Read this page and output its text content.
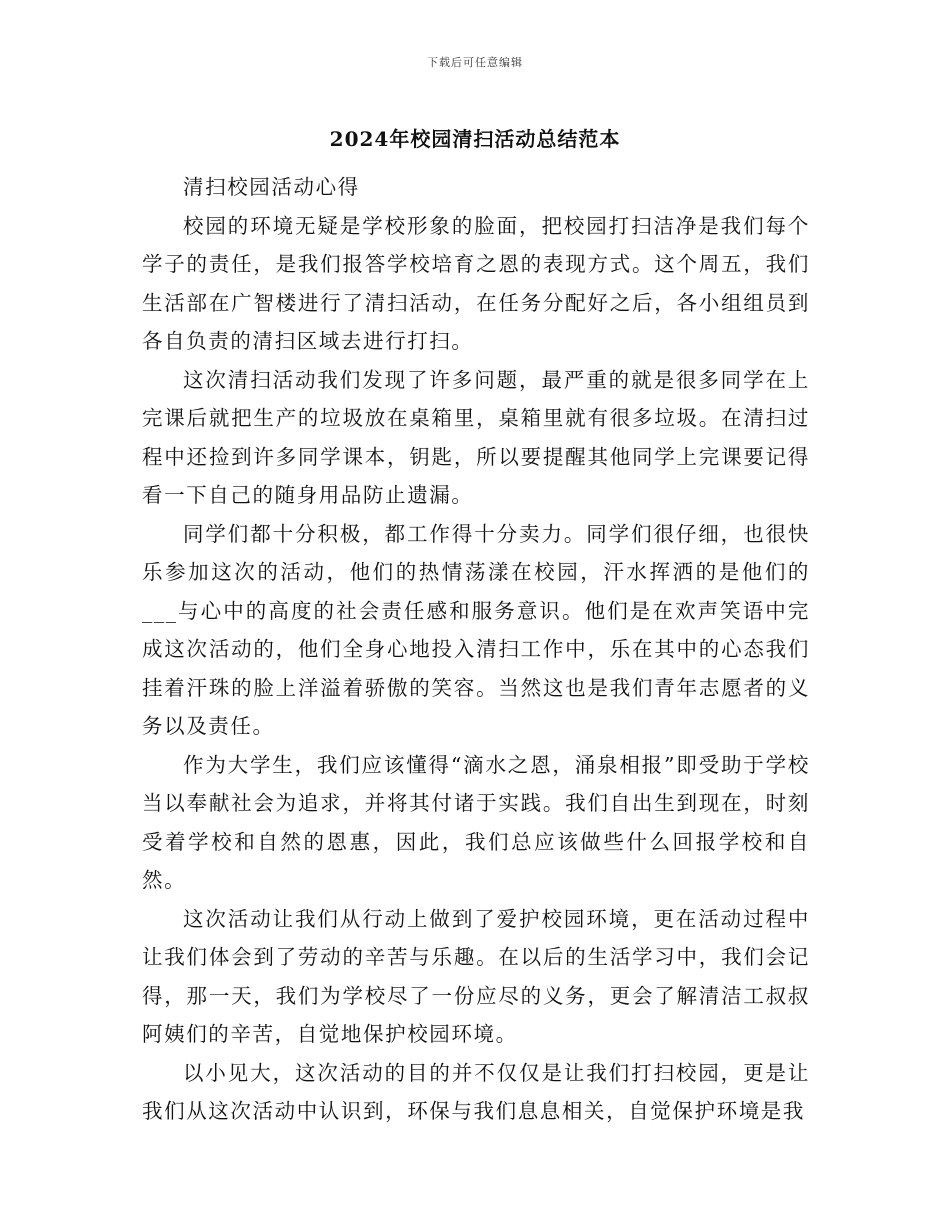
下载后可任意编辑
2024年校园清扫活动总结范本

清扫校园活动心得

校园的环境无疑是学校形象的脸面，把校园打扫洁净是我们每个学子的责任，是我们报答学校培育之恩的表现方式。这个周五，我们生活部在广智楼进行了清扫活动，在任务分配好之后，各小组组员到各自负责的清扫区域去进行打扫。

这次清扫活动我们发现了许多问题，最严重的就是很多同学在上完课后就把生产的垃圾放在桌箱里，桌箱里就有很多垃圾。在清扫过程中还捡到许多同学课本，钥匙，所以要提醒其他同学上完课要记得看一下自己的随身用品防止遗漏。

同学们都十分积极，都工作得十分卖力。同学们很仔细，也很快乐参加这次的活动，他们的热情荡漾在校园，汗水挥洒的是他们的___与心中的高度的社会责任感和服务意识。他们是在欢声笑语中完成这次活动的，他们全身心地投入清扫工作中，乐在其中的心态我们挂着汗珠的脸上洋溢着骄傲的笑容。当然这也是我们青年志愿者的义务以及责任。

作为大学生，我们应该懂得“滴水之恩，涌泉相报”即受助于学校当以奉献社会为追求，并将其付诸于实践。我们自出生到现在，时刻受着学校和自然的恩惠，因此，我们总应该做些什么回报学校和自然。

这次活动让我们从行动上做到了爱护校园环境，更在活动过程中让我们体会到了劳动的辛苦与乐趣。在以后的生活学习中，我们会记得，那一天，我们为学校尽了一份应尽的义务，更会了解清洁工叔叔阿姨们的辛苦，自觉地保护校园环境。

以小见大，这次活动的目的并不仅仅是让我们打扫校园，更是让我们从这次活动中认识到，环保与我们息息相关，自觉保护环境是我
